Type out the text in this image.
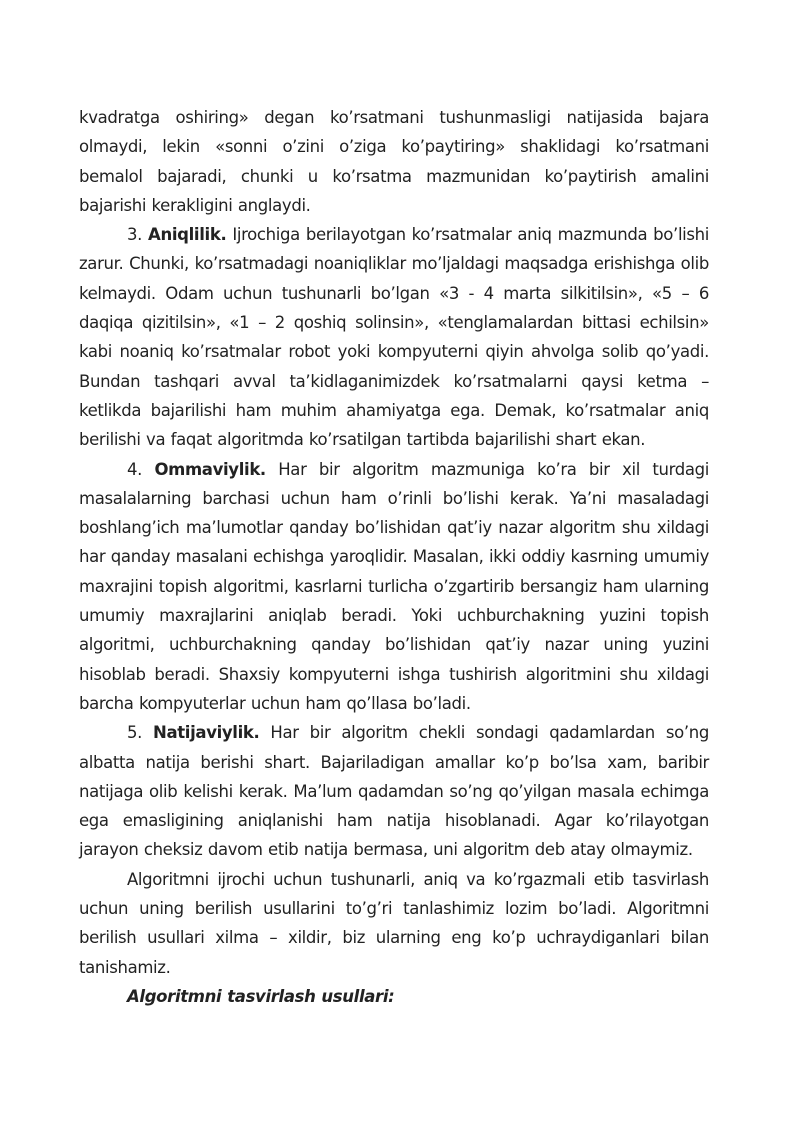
kvadratga oshiring» degan ko’rsatmani tushunmasligi natijasida bajara olmaydi, lekin «sonni o’zini o’ziga ko’paytiring» shaklidagi ko’rsatmani bemalol bajaradi, chunki u ko’rsatma mazmunidan ko’paytirish amalini bajarishi kerakligini anglaydi.

3. Aniqlilik. Ijrochiga berilayotgan ko’rsatmalar aniq mazmunda bo’lishi zarur. Chunki, ko’rsatmadagi noaniqliklar mo’ljaldagi maqsadga erishishga olib kelmaydi. Odam uchun tushunarli bo’lgan «3 - 4 marta silkitilsin», «5 – 6 daqiqa qizitilsin», «1 – 2 qoshiq solinsin», «tenglamalardan bittasi echilsin» kabi noaniq ko’rsatmalar robot yoki kompyuterni qiyin ahvolga solib qo’yadi. Bundan tashqari avval ta’kidlaganimizdek ko’rsatmalarni qaysi ketma – ketlikda bajarilishi ham muhim ahamiyatga ega. Demak, ko’rsatmalar aniq berilishi va faqat algoritmda ko’rsatilgan tartibda bajarilishi shart ekan.

4. Ommaviylik. Har bir algoritm mazmuniga ko’ra bir xil turdagi masalalarning barchasi uchun ham o’rinli bo’lishi kerak. Ya’ni masaladagi boshlang’ich ma’lumotlar qanday bo’lishidan qat’iy nazar algoritm shu xildagi har qanday masalani echishga yaroqlidir. Masalan, ikki oddiy kasrning umumiy maxrajini topish algoritmi, kasrlarni turlicha o’zgartirib bersangiz ham ularning umumiy maxrajlarini aniqlab beradi. Yoki uchburchakning yuzini topish algoritmi, uchburchakning qanday bo’lishidan qat’iy nazar uning yuzini hisoblab beradi. Shaxsiy kompyuterni ishga tushirish algoritmini shu xildagi barcha kompyuterlar uchun ham qo’llasa bo’ladi.

5. Natijaviylik. Har bir algoritm chekli sondagi qadamlardan so’ng albatta natija berishi shart. Bajariladigan amallar ko’p bo’lsa xam, baribir natijaga olib kelishi kerak. Ma’lum qadamdan so’ng qo’yilgan masala echimga ega emasligining aniqlanishi ham natija hisoblanadi. Agar ko’rilayotgan jarayon cheksiz davom etib natija bermasa, uni algoritm deb atay olmaymiz.

Algoritmni ijrochi uchun tushunarli, aniq va ko’rgazmali etib tasvirlash uchun uning berilish usullarini to’g’ri tanlashimiz lozim bo’ladi. Algoritmni berilish usullari xilma – xildir, biz ularning eng ko’p uchraydiganlari bilan tanishamiz.

Algoritmni tasvirlash usullari:
